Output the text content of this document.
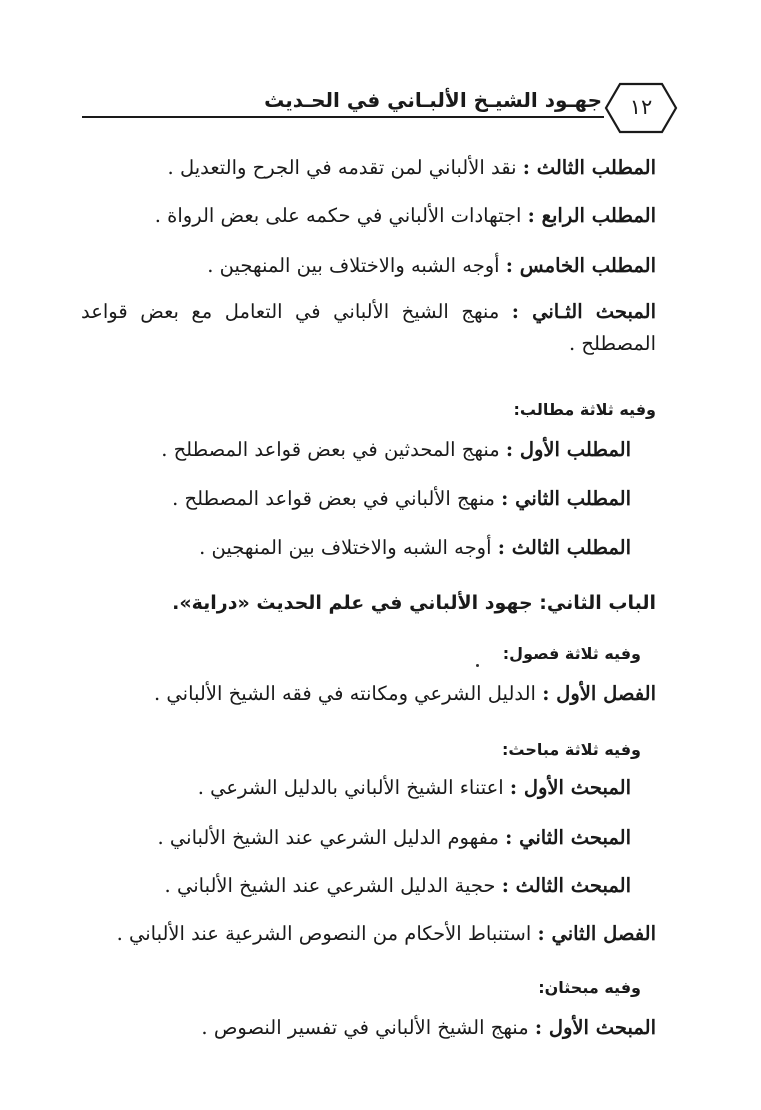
جهـود الشيـخ الألبـاني في الحـديث	١٢
المطلب الثالث : نقد الألباني لمن تقدمه في الجرح والتعديل .
المطلب الرابع : اجتهادات الألباني في حكمه على بعض الرواة .
المطلب الخامس : أوجه الشبه والاختلاف بين المنهجين .
المبحث الثـاني : منهج الشيخ الألباني في التعامل مع بعض قواعد المصطلح .
وفيه ثلاثة مطالب:
المطلب الأول : منهج المحدثين في بعض قواعد المصطلح .
المطلب الثاني : منهج الألباني في بعض قواعد المصطلح .
المطلب الثالث : أوجه الشبه والاختلاف بين المنهجين .
الباب الثاني: جهود الألباني في علم الحديث «دراية».
وفيه ثلاثة فصول:
الفصل الأول : الدليل الشرعي ومكانته في فقه الشيخ الألباني .
وفيه ثلاثة مباحث:
المبحث الأول : اعتناء الشيخ الألباني بالدليل الشرعي .
المبحث الثاني : مفهوم الدليل الشرعي عند الشيخ الألباني .
المبحث الثالث : حجية الدليل الشرعي عند الشيخ الألباني .
الفصل الثاني : استنباط الأحكام من النصوص الشرعية عند الألباني .
وفيه مبحثان:
المبحث الأول : منهج الشيخ الألباني في تفسير النصوص .
